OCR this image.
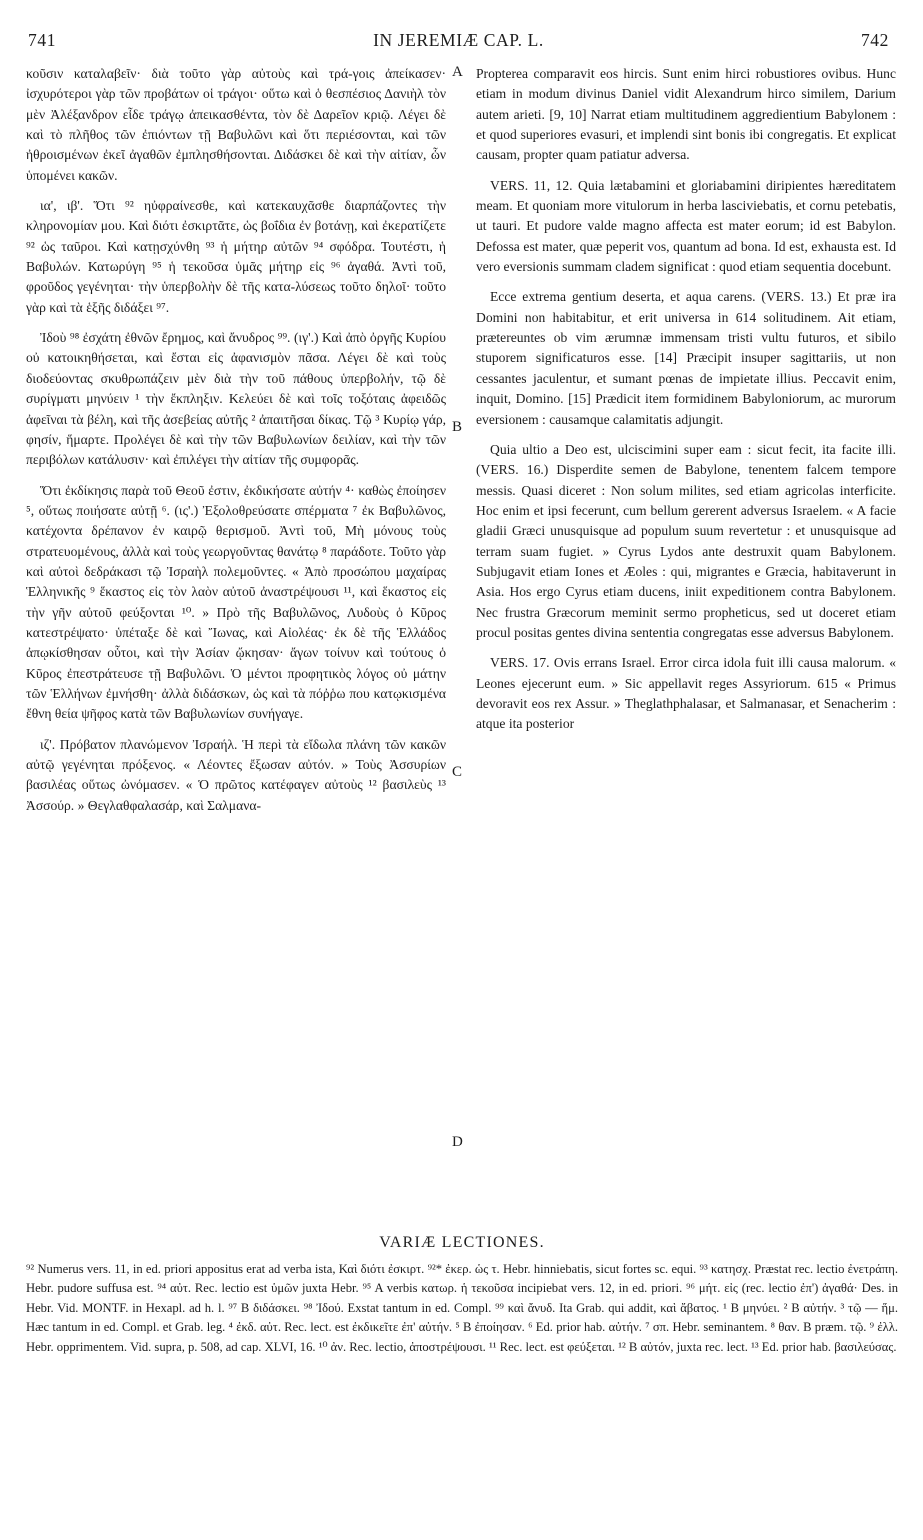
741	IN JEREMIÆ CAP. L.	742

κοῦσιν καταλαβεῖν· διὰ τοῦτο γὰρ αὐτοὺς καὶ τρά-γοις ἀπείκασεν· ἰσχυρότεροι γὰρ τῶν προβάτων οἱ τράγοι· οὕτω καὶ ὁ θεσπέσιος Δανιὴλ τὸν μὲν Ἀλέξανδρον εἶδε τράγῳ ἀπεικασθέντα, τὸν δὲ Δαρεῖον κριῷ. Λέγει δὲ καὶ τὸ πλῆθος τῶν ἐπιόντων τῇ Βαβυλῶνι καὶ ὅτι περιέσονται, καὶ τῶν ἠθροισμένων ἐκεῖ ἀγαθῶν ἐμπλησθήσονται. Διδάσκει δὲ καὶ τὴν αἰτίαν, ὧν ὑπομένει κακῶν.

ια', ιβ'. Ὅτι ⁹² ηὐφραίνεσθε, καὶ κατεκαυχᾶσθε διαρπάζοντες τὴν κληρονομίαν μου. Καὶ διότι ἐσκιρτᾶτε, ὡς βοΐδια ἐν βοτάνῃ, καὶ ἐκερατίζετε ⁹² ὡς ταῦροι. Καὶ κατῃσχύνθη ⁹³ ἡ μήτηρ αὐτῶν ⁹⁴ σφόδρα. Τουτέστι, ἡ Βαβυλών. Κατωρύγη ⁹⁵ ἡ τεκοῦσα ὑμᾶς μήτηρ εἰς ⁹⁶ ἀγαθά. Ἀντὶ τοῦ, φροῦδος γεγένηται· τὴν ὑπερβολὴν δὲ τῆς κατα-λύσεως τοῦτο δηλοῖ· τοῦτο γὰρ καὶ τὰ ἑξῆς διδάξει ⁹⁷.

Ἰδοὺ ⁹⁸ ἐσχάτη ἐθνῶν ἔρημος, καὶ ἄνυδρος ⁹⁹. (ιγ'.) Καὶ ἀπὸ ὀργῆς Κυρίου οὐ κατοικηθήσεται, καὶ ἔσται εἰς ἀφανισμὸν πᾶσα. Λέγει δὲ καὶ τοὺς διοδεύοντας σκυθρωπάζειν μὲν διὰ τὴν τοῦ πάθους ὑπερβολήν, τῷ δὲ συρίγματι μηνύειν ¹ τὴν ἔκπληξιν. Κελεύει δὲ καὶ τοῖς τοξόταις ἀφειδῶς ἀφεῖναι τὰ βέλη, καὶ τῆς ἀσεβείας αὐτῆς ² ἀπαιτῆσαι δίκας. Τῷ ³ Κυρίῳ γάρ, φησίν, ἥμαρτε. Προλέγει δὲ καὶ τὴν τῶν Βαβυλωνίων δειλίαν, καὶ τὴν τῶν περιβόλων κατάλυσιν· καὶ ἐπιλέγει τὴν αἰτίαν τῆς συμφορᾶς.

Ὅτι ἐκδίκησις παρὰ τοῦ Θεοῦ ἐστιν, ἐκδικήσατε αὐτήν ⁴· καθὼς ἐποίησεν ⁵, οὕτως ποιήσατε αὐτῇ ⁶. (ις'.) Ἐξολοθρεύσατε σπέρματα ⁷ ἐκ Βαβυλῶνος, κατέχοντα δρέπανον ἐν καιρῷ θερισμοῦ. Ἀντὶ τοῦ, Μὴ μόνους τοὺς στρατευομένους, ἀλλὰ καὶ τοὺς γεωργοῦντας θανάτῳ ⁸ παράδοτε. Τοῦτο γὰρ καὶ αὐτοὶ δεδράκασι τῷ Ἰσραὴλ πολεμοῦντες. « Ἀπὸ προσώπου μαχαίρας Ἑλληνικῆς ⁹ ἕκαστος εἰς τὸν λαὸν αὐτοῦ ἀναστρέψουσι ¹¹, καὶ ἕκαστος εἰς τὴν γῆν αὐτοῦ φεύξονται ¹⁰. » Πρὸ τῆς Βαβυλῶνος, Λυδοὺς ὁ Κῦρος κατεστρέψατο· ὑπέταξε δὲ καὶ Ἴωνας, καὶ Αἰολέας· ἐκ δὲ τῆς Ἑλλάδος ἀπῳκίσθησαν οὗτοι, καὶ τὴν Ἀσίαν ᾤκησαν· ἄγων τοίνυν καὶ τούτους ὁ Κῦρος ἐπεστράτευσε τῇ Βαβυλῶνι. Ὁ μέντοι προφητικὸς λόγος οὐ μάτην τῶν Ἑλλήνων ἐμνήσθη· ἀλλὰ διδάσκων, ὡς καὶ τὰ πόῤῥω που κατῳκισμένα ἔθνη θεία ψῆφος κατὰ τῶν Βαβυλωνίων συνήγαγε.

ιζ'. Πρόβατον πλανώμενον Ἰσραήλ. Ἡ περὶ τὰ εἴδωλα πλάνη τῶν κακῶν αὐτῷ γεγένηται πρόξενος. « Λέοντες ἔξωσαν αὐτόν. » Τοὺς Ἀσσυρίων βασιλέας οὕτως ὠνόμασεν. « Ὁ πρῶτος κατέφαγεν αὐτοὺς ¹² βασιλεὺς ¹³ Ἀσσούρ. » Θεγλαθφαλασάρ, καὶ Σαλμανα-

A
B
C
D

Propterea comparavit eos hircis. Sunt enim hirci robustiores ovibus. Hunc etiam in modum divinus Daniel vidit Alexandrum hirco similem, Darium autem arieti. [9, 10] Narrat etiam multitudinem aggredientium Babylonem : et quod superiores evasuri, et implendi sint bonis ibi congregatis. Et explicat causam, propter quam patiatur adversa.

VERS. 11, 12. Quia lætabamini et gloriabamini diripientes hæreditatem meam. Et quoniam more vitulorum in herba lasciviebatis, et cornu petebatis, ut tauri. Et pudore valde magno affecta est mater eorum; id est Babylon. Defossa est mater, quæ peperit vos, quantum ad bona. Id est, exhausta est. Id vero eversionis summam cladem significat : quod etiam sequentia docebunt.

Ecce extrema gentium deserta, et aqua carens. (VERS. 13.) Et præ ira Domini non habitabitur, et erit universa in 614 solitudinem. Ait etiam, prætereuntes ob vim ærumnæ immensam tristi vultu futuros, et sibilo stuporem significaturos esse. [14] Præcipit insuper sagittariis, ut non cessantes jaculentur, et sumant pœnas de impietate illius. Peccavit enim, inquit, Domino. [15] Prædicit item formidinem Babyloniorum, ac murorum eversionem : causamque calamitatis adjungit.

Quia ultio a Deo est, ulciscimini super eam : sicut fecit, ita facite illi. (VERS. 16.) Disperdite semen de Babylone, tenentem falcem tempore messis. Quasi diceret : Non solum milites, sed etiam agricolas interficite. Hoc enim et ipsi fecerunt, cum bellum gererent adversus Israelem. « A facie gladii Græci unusquisque ad populum suum revertetur : et unusquisque ad terram suam fugiet. » Cyrus Lydos ante destruxit quam Babylonem. Subjugavit etiam Iones et Æoles : qui, migrantes e Græcia, habitaverunt in Asia. Hos ergo Cyrus etiam ducens, iniit expeditionem contra Babylonem. Nec frustra Græcorum meminit sermo propheticus, sed ut doceret etiam procul positas gentes divina sententia congregatas esse adversus Babylonem.

VERS. 17. Ovis errans Israel. Error circa idola fuit illi causa malorum. « Leones ejecerunt eum. » Sic appellavit reges Assyriorum. 615 « Primus devoravit eos rex Assur. » Theglathphalasar, et Salmanasar, et Senacherim : atque ita posterior

VARIÆ LECTIONES.
⁹² Numerus vers. 11, in ed. priori appositus erat ad verba ista, Καὶ διότι ἐσκιρτ. ⁹²* ἐκερ. ὡς τ. Hebr. hinniebatis, sicut fortes sc. equi. ⁹³ κατησχ. Præstat rec. lectio ἐνετράπη. Hebr. pudore suffusa est. ⁹⁴ αὐτ. Rec. lectio est ὑμῶν juxta Hebr. ⁹⁵ A verbis κατωρ. ἡ τεκοῦσα incipiebat vers. 12, in ed. priori. ⁹⁶ μήτ. εἰς (rec. lectio ἐπ') ἀγαθά· Des. in Hebr. Vid. MONTF. in Hexapl. ad h. l. ⁹⁷ B διδάσκει. ⁹⁸ Ἰδού. Exstat tantum in ed. Compl. ⁹⁹ καὶ ἄνυδ. Ita Grab. qui addit, καὶ ἄβατος. ¹ B μηνύει. ² B αὐτήν. ³ τῷ — ἥμ. Hæc tantum in ed. Compl. et Grab. leg. ⁴ ἐκδ. αὐτ. Rec. lect. est ἐκδικεῖτε ἐπ' αὐτήν. ⁵ B ἐποίησαν. ⁶ Ed. prior hab. αὐτήν. ⁷ σπ. Hebr. seminantem. ⁸ θαν. B præm. τῷ. ⁹ ἐλλ. Hebr. opprimentem. Vid. supra, p. 508, ad cap. XLVI, 16. ¹⁰ ἀν. Rec. lectio, ἀποστρέψουσι. ¹¹ Rec. lect. est φεύξεται. ¹² B αὐτόν, juxta rec. lect. ¹³ Ed. prior hab. βασιλεύσας.
